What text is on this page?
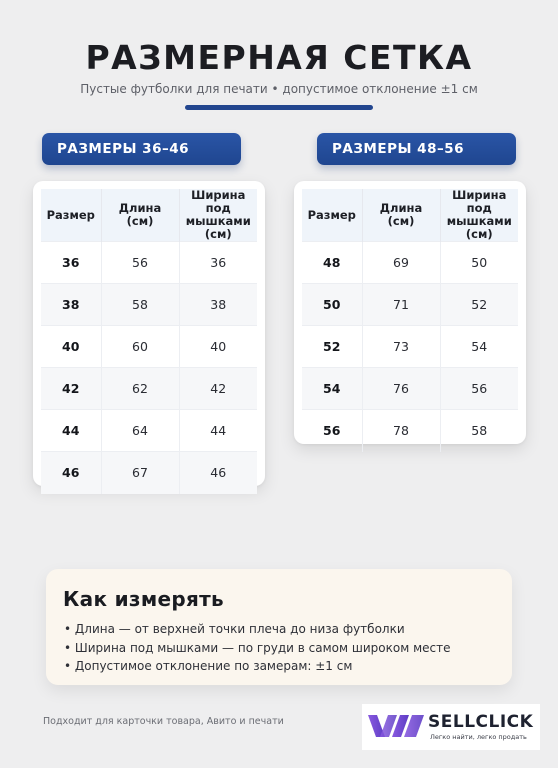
РАЗМЕРНАЯ СЕТКА
Пустые футболки для печати • допустимое отклонение ±1 см
РАЗМЕРЫ 36–46
Размер	Длина (см)	Ширина под мышками (см)
36	56	36
38	58	38
40	60	40
42	62	42
44	64	44
46	67	46
РАЗМЕРЫ 48–56
Размер	Длина (см)	Ширина под мышками (см)
48	69	50
50	71	52
52	73	54
54	76	56
56	78	58
Как измерять
• Длина — от верхней точки плеча до низа футболки
• Ширина под мышками — по груди в самом широком месте
• Допустимое отклонение по замерам: ±1 см
Подходит для карточки товара, Авито и печати	SELLCLICK
Легко найти, легко продать
